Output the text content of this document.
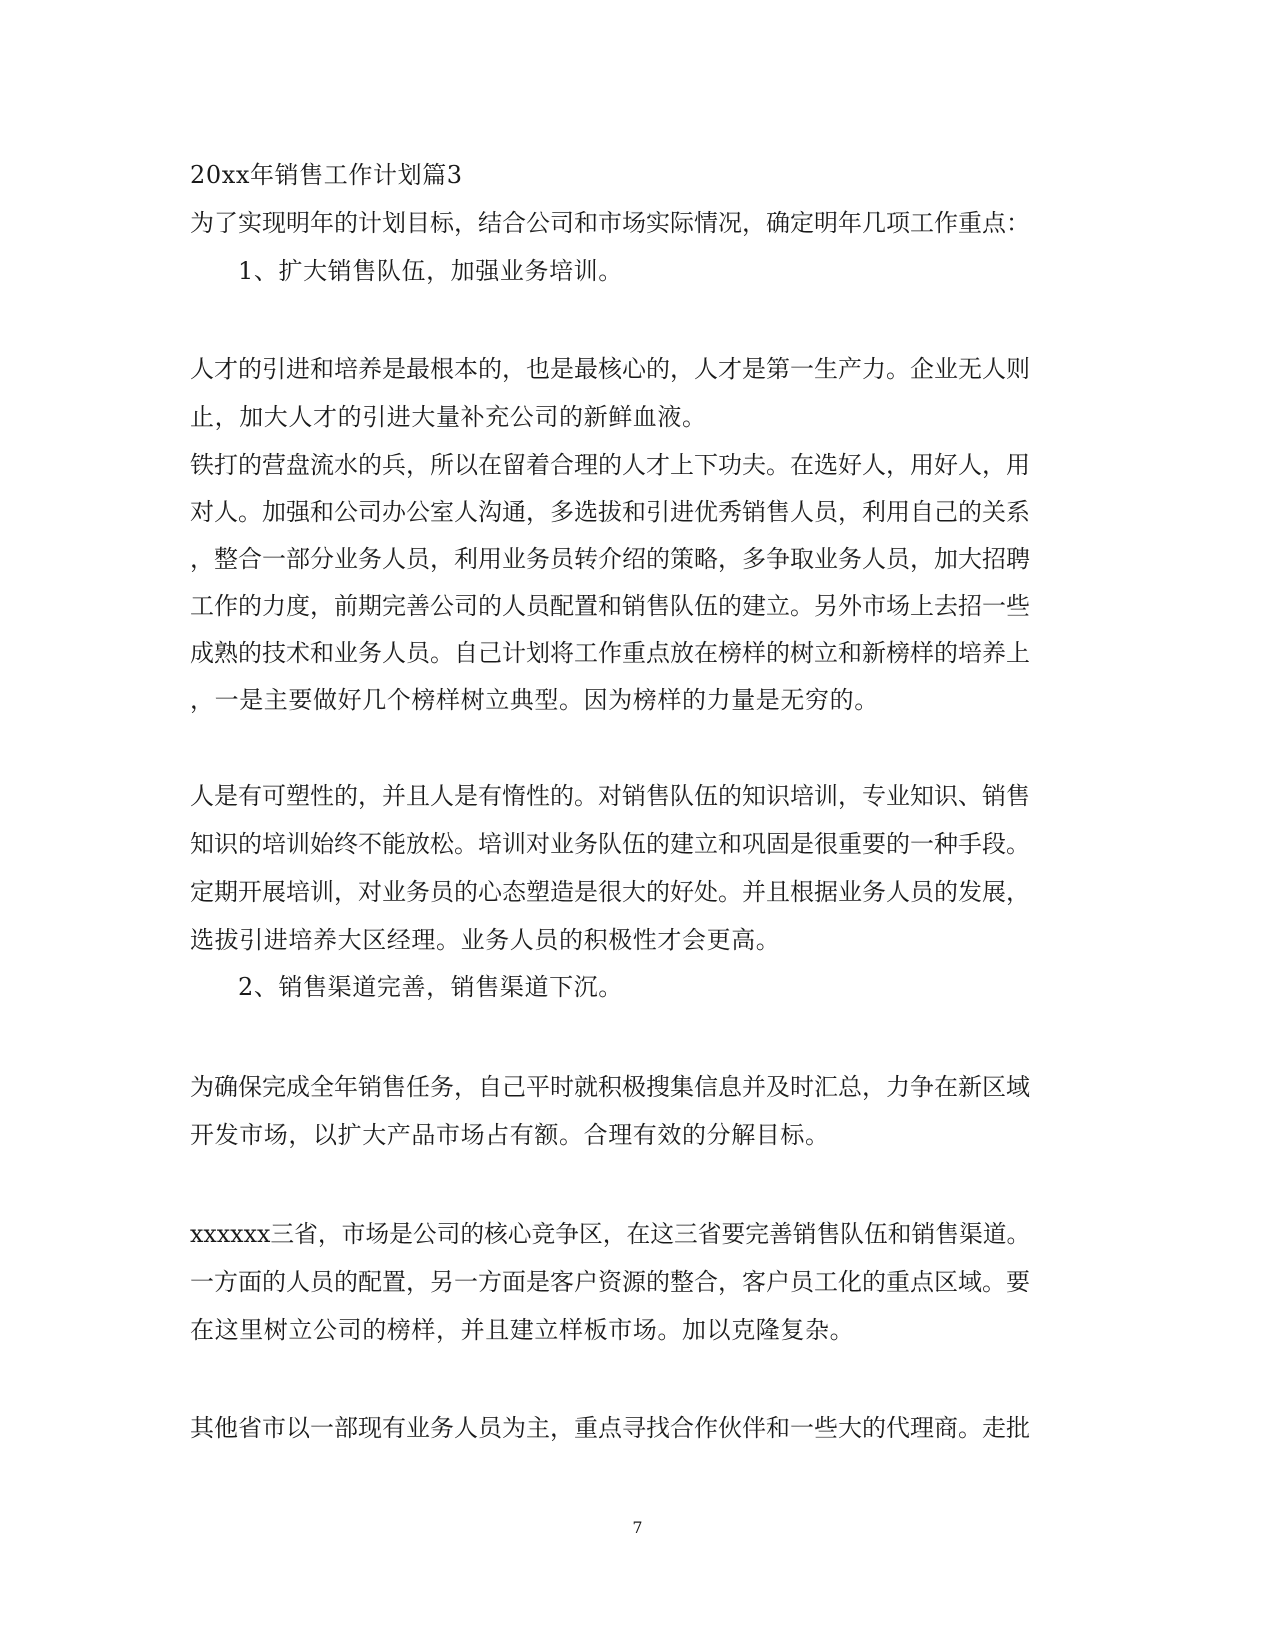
20xx年销售工作计划篇3
为了实现明年的计划目标，结合公司和市场实际情况，确定明年几项工作重点：
1、扩大销售队伍，加强业务培训。
人才的引进和培养是最根本的，也是最核心的，人才是第一生产力。企业无人则
止，加大人才的引进大量补充公司的新鲜血液。
铁打的营盘流水的兵，所以在留着合理的人才上下功夫。在选好人，用好人，用
对人。加强和公司办公室人沟通，多选拔和引进优秀销售人员，利用自己的关系
，整合一部分业务人员，利用业务员转介绍的策略，多争取业务人员，加大招聘
工作的力度，前期完善公司的人员配置和销售队伍的建立。另外市场上去招一些
成熟的技术和业务人员。自己计划将工作重点放在榜样的树立和新榜样的培养上
，一是主要做好几个榜样树立典型。因为榜样的力量是无穷的。
人是有可塑性的，并且人是有惰性的。对销售队伍的知识培训，专业知识、销售
知识的培训始终不能放松。培训对业务队伍的建立和巩固是很重要的一种手段。
定期开展培训，对业务员的心态塑造是很大的好处。并且根据业务人员的发展，
选拔引进培养大区经理。业务人员的积极性才会更高。
2、销售渠道完善，销售渠道下沉。
为确保完成全年销售任务，自己平时就积极搜集信息并及时汇总，力争在新区域
开发市场，以扩大产品市场占有额。合理有效的分解目标。
xxxxxx三省，市场是公司的核心竞争区，在这三省要完善销售队伍和销售渠道。
一方面的人员的配置，另一方面是客户资源的整合，客户员工化的重点区域。要
在这里树立公司的榜样，并且建立样板市场。加以克隆复杂。
其他省市以一部现有业务人员为主，重点寻找合作伙伴和一些大的代理商。走批
7
